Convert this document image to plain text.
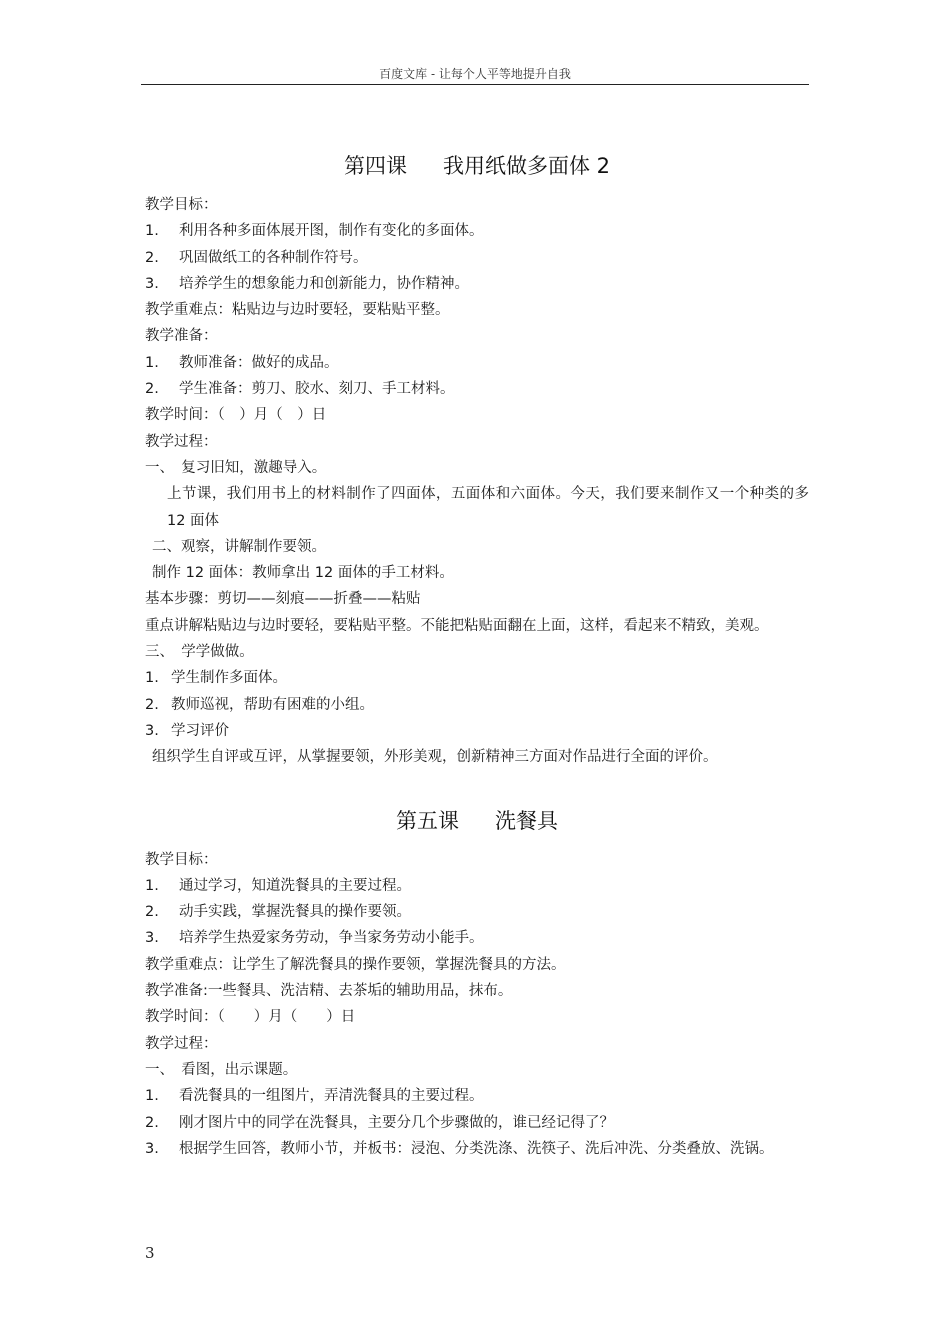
百度文库 - 让每个人平等地提升自我
第四课 我用纸做多面体 2
教学目标：
1. 利用各种多面体展开图，制作有变化的多面体。
2. 巩固做纸工的各种制作符号。
3. 培养学生的想象能力和创新能力，协作精神。
教学重难点：粘贴边与边时要轻，要粘贴平整。
教学准备：
1. 教师准备：做好的成品。
2. 学生准备：剪刀、胶水、刻刀、手工材料。
教学时间：（　）月（　）日
教学过程：
一、　复习旧知，激趣导入。
上节课，我们用书上的材料制作了四面体，五面体和六面体。今天，我们要来制作又一个种类的多 12 面体
二、观察，讲解制作要领。
制作 12 面体：教师拿出 12 面体的手工材料。
基本步骤：剪切——刻痕——折叠——粘贴
重点讲解粘贴边与边时要轻，要粘贴平整。不能把粘贴面翻在上面，这样，看起来不精致，美观。
三、　学学做做。
1. 学生制作多面体。
2. 教师巡视，帮助有困难的小组。
3. 学习评价
组织学生自评或互评，从掌握要领，外形美观，创新精神三方面对作品进行全面的评价。
第五课 洗餐具
教学目标：
1. 通过学习，知道洗餐具的主要过程。
2. 动手实践，掌握洗餐具的操作要领。
3. 培养学生热爱家务劳动，争当家务劳动小能手。
教学重难点：让学生了解洗餐具的操作要领，掌握洗餐具的方法。
教学准备:一些餐具、洗洁精、去茶垢的辅助用品，抹布。
教学时间：（　　）月（　　）日
教学过程：
一、　看图，出示课题。
1. 看洗餐具的一组图片，弄清洗餐具的主要过程。
2. 刚才图片中的同学在洗餐具，主要分几个步骤做的，谁已经记得了？
3. 根据学生回答，教师小节，并板书：浸泡、分类洗涤、洗筷子、洗后冲洗、分类叠放、洗锅。
3
